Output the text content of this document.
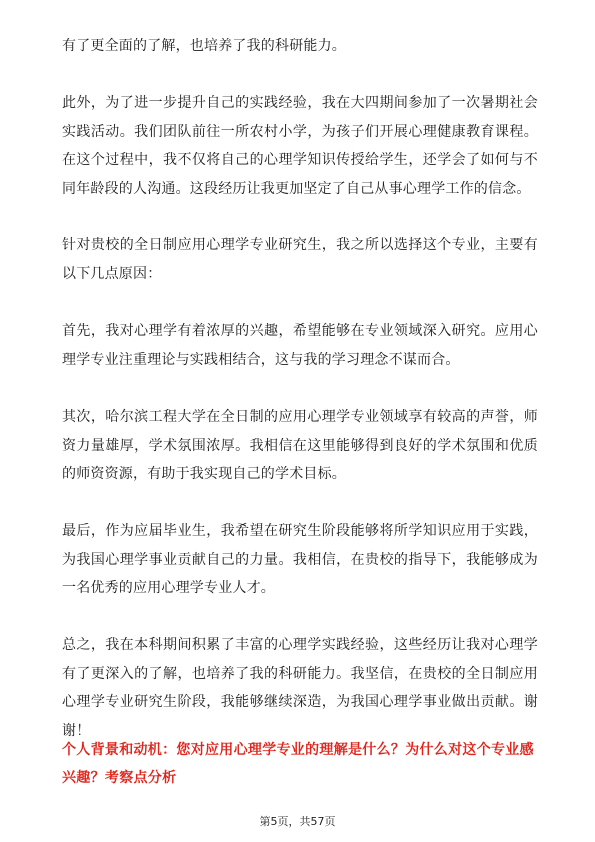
有了更全面的了解，也培养了我的科研能力。

此外，为了进一步提升自己的实践经验，我在大四期间参加了一次暑期社会实践活动。我们团队前往一所农村小学，为孩子们开展心理健康教育课程。在这个过程中，我不仅将自己的心理学知识传授给学生，还学会了如何与不同年龄段的人沟通。这段经历让我更加坚定了自己从事心理学工作的信念。

针对贵校的全日制应用心理学专业研究生，我之所以选择这个专业，主要有以下几点原因：

首先，我对心理学有着浓厚的兴趣，希望能够在专业领域深入研究。应用心理学专业注重理论与实践相结合，这与我的学习理念不谋而合。

其次，哈尔滨工程大学在全日制的应用心理学专业领域享有较高的声誉，师资力量雄厚，学术氛围浓厚。我相信在这里能够得到良好的学术氛围和优质的师资资源，有助于我实现自己的学术目标。

最后，作为应届毕业生，我希望在研究生阶段能够将所学知识应用于实践，为我国心理学事业贡献自己的力量。我相信，在贵校的指导下，我能够成为一名优秀的应用心理学专业人才。

总之，我在本科期间积累了丰富的心理学实践经验，这些经历让我对心理学有了更深入的了解，也培养了我的科研能力。我坚信，在贵校的全日制应用心理学专业研究生阶段，我能够继续深造，为我国心理学事业做出贡献。谢谢！

个人背景和动机：您对应用心理学专业的理解是什么？为什么对这个专业感兴趣？考察点分析

第5页，共57页
